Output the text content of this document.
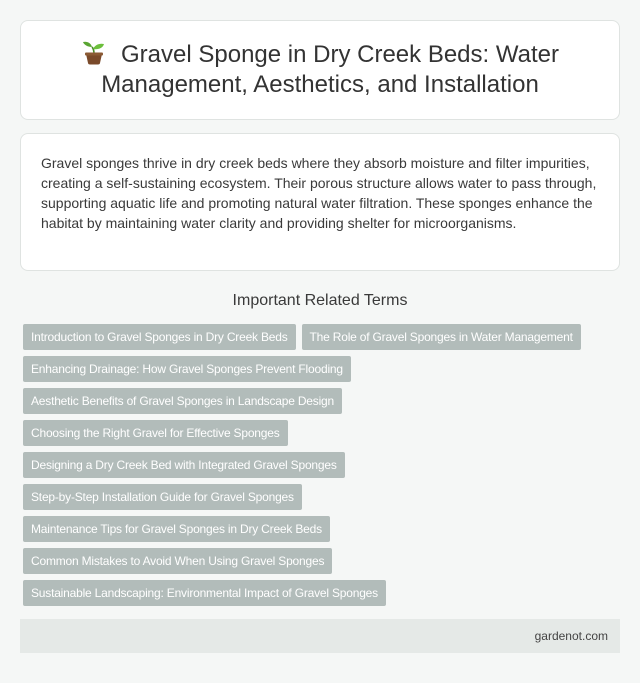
Gravel Sponge in Dry Creek Beds: Water Management, Aesthetics, and Installation

Gravel sponges thrive in dry creek beds where they absorb moisture and filter impurities, creating a self-sustaining ecosystem. Their porous structure allows water to pass through, supporting aquatic life and promoting natural water filtration. These sponges enhance the habitat by maintaining water clarity and providing shelter for microorganisms.

Important Related Terms
Introduction to Gravel Sponges in Dry Creek Beds	The Role of Gravel Sponges in Water Management
Enhancing Drainage: How Gravel Sponges Prevent Flooding
Aesthetic Benefits of Gravel Sponges in Landscape Design
Choosing the Right Gravel for Effective Sponges
Designing a Dry Creek Bed with Integrated Gravel Sponges
Step-by-Step Installation Guide for Gravel Sponges
Maintenance Tips for Gravel Sponges in Dry Creek Beds
Common Mistakes to Avoid When Using Gravel Sponges
Sustainable Landscaping: Environmental Impact of Gravel Sponges
gardenot.com
